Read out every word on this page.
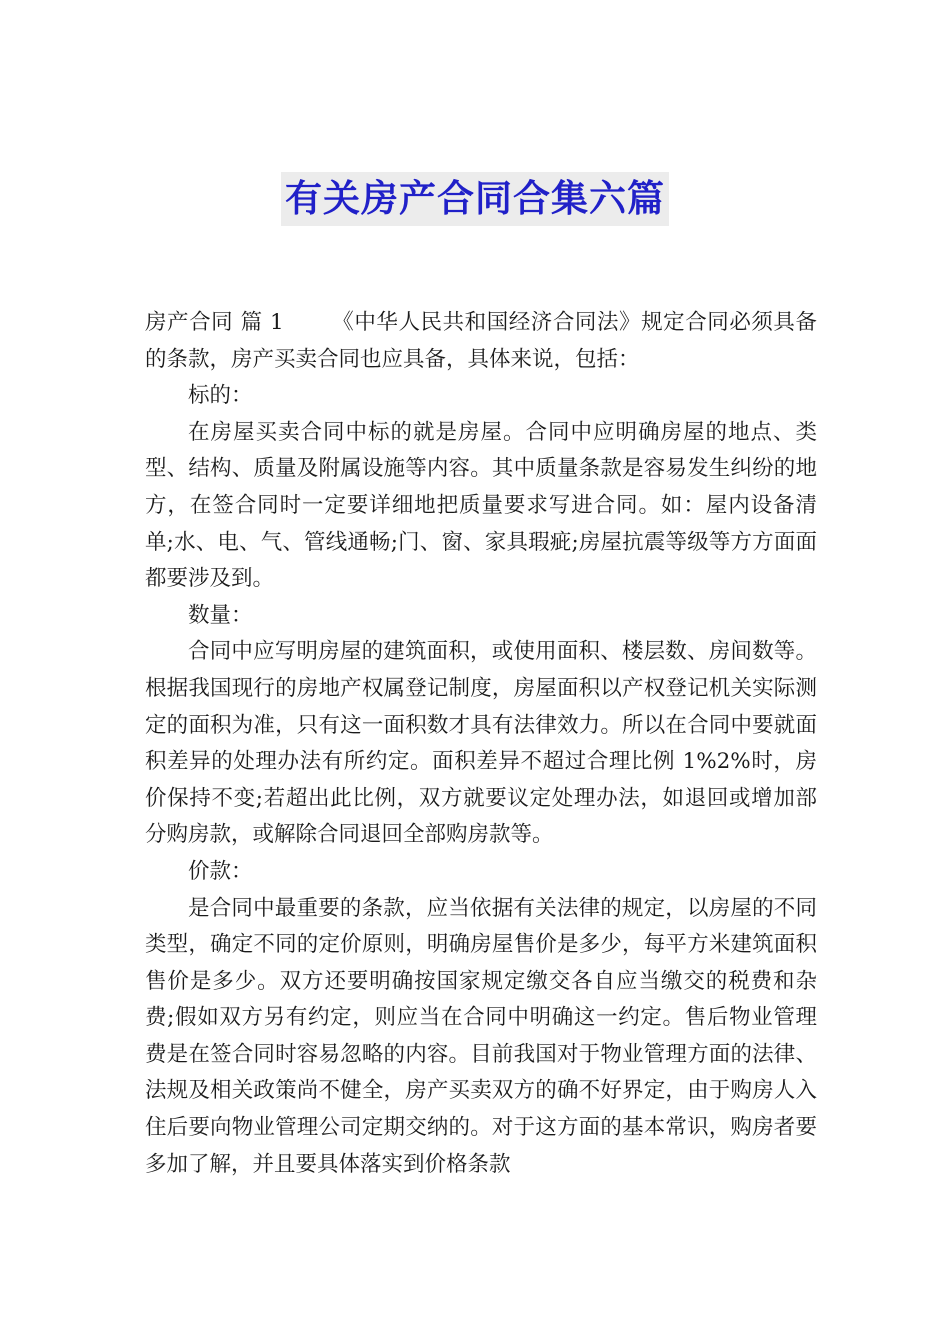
有关房产合同合集六篇

房产合同 篇 1 《中华人民共和国经济合同法》规定合同必须具备的条款，房产买卖合同也应具备，具体来说，包括：

标的：

在房屋买卖合同中标的就是房屋。合同中应明确房屋的地点、类型、结构、质量及附属设施等内容。其中质量条款是容易发生纠纷的地方，在签合同时一定要详细地把质量要求写进合同。如：屋内设备清单;水、电、气、管线通畅;门、窗、家具瑕疵;房屋抗震等级等方方面面都要涉及到。

数量：

合同中应写明房屋的建筑面积，或使用面积、楼层数、房间数等。根据我国现行的房地产权属登记制度，房屋面积以产权登记机关实际测定的面积为准，只有这一面积数才具有法律效力。所以在合同中要就面积差异的处理办法有所约定。面积差异不超过合理比例 1%2%时，房价保持不变;若超出此比例，双方就要议定处理办法，如退回或增加部分购房款，或解除合同退回全部购房款等。

价款：

是合同中最重要的条款，应当依据有关法律的规定，以房屋的不同类型，确定不同的定价原则，明确房屋售价是多少，每平方米建筑面积售价是多少。双方还要明确按国家规定缴交各自应当缴交的税费和杂费;假如双方另有约定，则应当在合同中明确这一约定。售后物业管理费是在签合同时容易忽略的内容。目前我国对于物业管理方面的法律、法规及相关政策尚不健全，房产买卖双方的确不好界定，由于购房人入住后要向物业管理公司定期交纳的。对于这方面的基本常识，购房者要多加了解，并且要具体落实到价格条款
